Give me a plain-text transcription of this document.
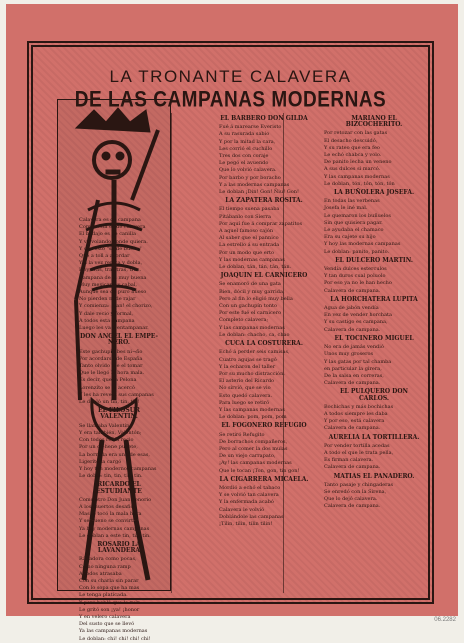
LA TRONANTE CALAVERA
DE LAS CAMPANAS MODERNAS

Calavera es de campana

Compuesta es de calavera

El badajo es de canilla

Y va volando donde quiera.

Y con esto "se de buena"

Qué a toll a acordar

Y a la vez repica y dobla,

Hoy, tras, tras tras, tras.

Campana de la muy buena

Muy mexicana y cabal,

Aunque sea de puro hueso

No pierden ni de rajar

Y comienza: ¡pan! el chorizo,

Y dale recio y formal,

A todos esta campana

Luego les va á entampanar.

DON ANGEL EL EMPE-NERO.

Este gachupin bes ni¬ño

Por acordarse de España

Tanto olvido fue el tomar

Que le llegó la hora mala.

Es decir, que la Pelona

Lorenzito se le acercó

Y les ha revent sus campanas

Le dobló un tin, tin, tin!

EL FILOSUR VALENTIN.

Se llamaba Valentín

Y era también, Valentón;

Con todos reñía recio

Por un co-hene puñete,

La borrada era una de esas,

Ligerito la cargó

Y hoy tan modernos campanas

Le dobló: tin, tin, tin, tin.

RICARDO EL ESTUDIANTE

Como otro Don Juan Tenorio

A los muertos desafió

Mas le tocó la mala hora

Y se bueno se convirtió.

Ya hay modernas campanas

Le doblan a este tin, tin, tin.

ROSARIO LA LAVANDERA

Ráfladora como pocas,

Como ninguna ramp

A todos atrasaba

Con su charla sin parar

Con lo sopa que ha mas

Le tenga platicada.

Y pero habló que la ruin

Le gritó son ¡ya! ¡honor

Y en velero calavera

Del susto que se llevó

Ya las campanas modernas

Le doblan: chi! chi! chi! chi!

EL BARBERO DON GILDA

Fué á marearse Everisto

A su rasurada sabio

Y por la mitad la cara,

Les corrió el cuchillo

Tres dos con coraje

Le pegó el avuendo

Que lo volvió calavera.

Por barbo y por boracho

Y a las modernas campanas

Le doblan ¡Din! Gon! Ñiu! Gon!

LA ZAPATERA ROSITA.

El tiempo suena pasaba

Pitábanlo con Sierra

Por aquí fue á comprar zapatitos

A aquel famoso cajón

Al saber que el pannico

La estrello á su entrada

Por un modo que erto

Y las modernas campanas

Le doblan, tán, tán, tán, tán.

JOAQUIN EL CARNICERO

Se enamoró de una gata

Bien, dócil y muy garrida,

Pero al fin lo eligió muy bella

Con un gachupín tonto

Por este fué el carnicero

Completo calavera;

Y las campanas modernas

Le doblan: chacho, ca, chao

CUCA LA COSTURERA.

Echó á perder seis camisas,

Cuatro agujas se tragó

Y la echaron del taller

Por su mucho distracción.

El asterio del Ricardo

No sirvió, que se vio

Esto quedó calavera.

Para luego se retiró

Y las campanas modernas

Le doblan: pom, pom, pom

EL FOGONERO REFUGIO

Se retiró Refugito

De borrachos compañeros,

Pero al comer la dos mulas

De un viejo carrapato,

¡Ay! las campanas modernas

Que le tocan ¡Ton, gon, tin gon!

LA CIGARRERA MICAELA.

Mordió a echó el tabaco

Y se volvió tan calavera

Y la enfermada acabó

Calavera le volvió

Doblándole las campanas

¡Tilin, tilin, tilin tilin!

MARIANO EL BIZCOCHERITO.

Por retozar con las gatas

El desacho descuidó,

Y su rateo que era feo

Le echó chabca y volo.

De panito lecha un veneno

A sus dulces si marcó.

Y las campanas modernas

Le doblan, tón, tón, tón, tón

LA BUÑOLERA JOSEFA.

En todas las verbenas

Josefa le iné mal.

Le quemaron los buñuelos

Sin que quisiera pagar.

Le ayudaba el chamaco

Era su cajete su hijo

Y hoy las modernas campanas

Le doblan: panito, panito.

EL DULCERO MARTIN.

Vendía dulces esterculos

Y tan duros cual poluolo

Por eso ya no le han hecho

Calavera de campana.

LA HORCHATERA LUPITA

Agua de jabón vendía

En vez de vender horchata

Y su castigo es campana,

Calavera de campana.

EL TOCINERO MIGUEL

No era de jamás vendió

Unos muy groseros

Y las gatas por tal chamba

en particular la girera,

De la salsa en correras,

Calavera de campana.

EL PULQUERO DON CARLOS.

Bochichas y más bochichas

A todos siempre les daba

Y por eso, está calavera

Calavera de campana.

AURELIA LA TORTILLERA.

Por vender tortilla acedas

A todo el que le trata pella,

Es firman calavera.

Calavera de campana.

MATIAS EL PANADERO.

Tanto pasaje y chingaderas

Se enredó con la Sirena,

Que lo dejó calavera.

Calavera de campana.

06.2282
